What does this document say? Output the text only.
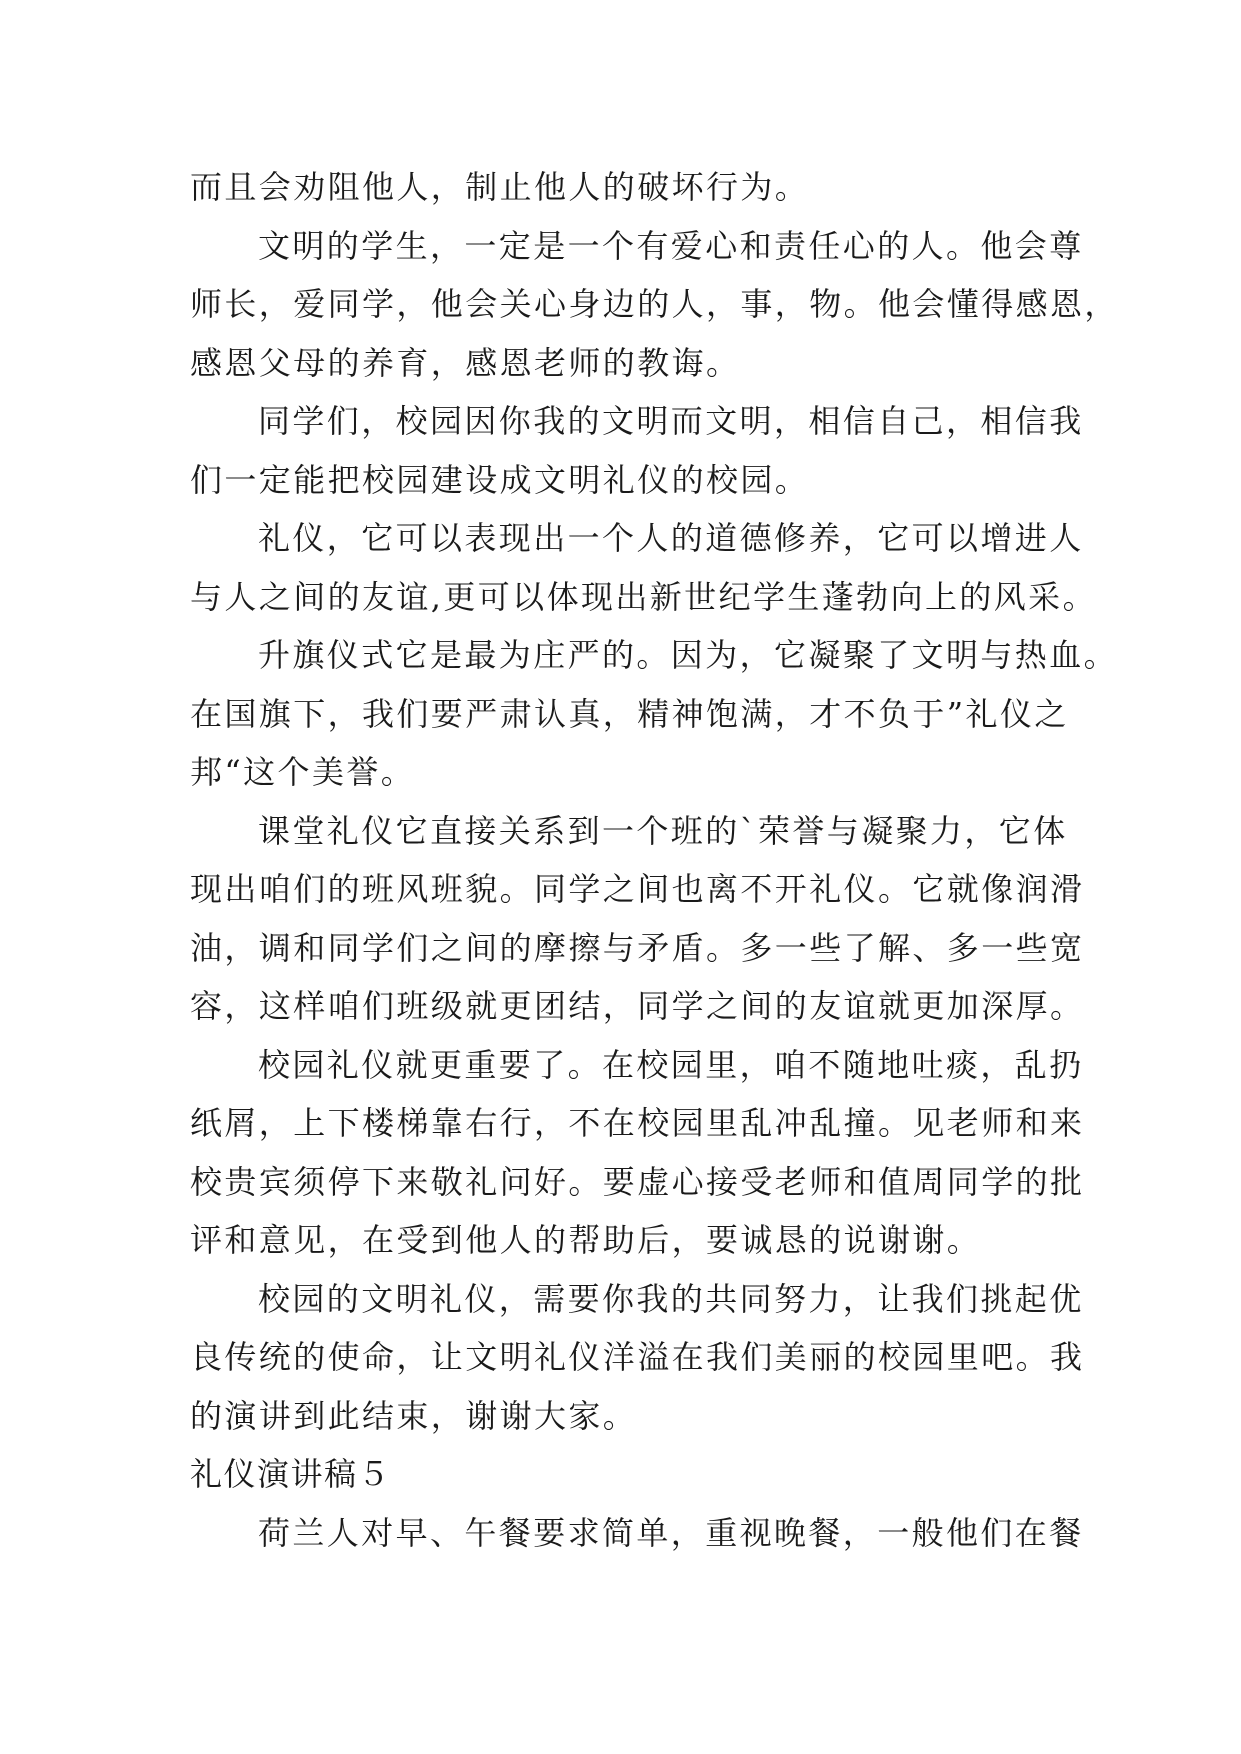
而且会劝阻他人，制止他人的破坏行为。
文明的学生，一定是一个有爱心和责任心的人。他会尊
师长，爱同学，他会关心身边的人，事，物。他会懂得感恩，
感恩父母的养育，感恩老师的教诲。
同学们，校园因你我的文明而文明，相信自己，相信我
们一定能把校园建设成文明礼仪的校园。
礼仪，它可以表现出一个人的道德修养，它可以增进人
与人之间的友谊,更可以体现出新世纪学生蓬勃向上的风采。
升旗仪式它是最为庄严的。因为，它凝聚了文明与热血。
在国旗下，我们要严肃认真，精神饱满，才不负于”礼仪之
邦“这个美誉。
课堂礼仪它直接关系到一个班的`荣誉与凝聚力，它体
现出咱们的班风班貌。同学之间也离不开礼仪。它就像润滑
油，调和同学们之间的摩擦与矛盾。多一些了解、多一些宽
容，这样咱们班级就更团结，同学之间的友谊就更加深厚。
校园礼仪就更重要了。在校园里，咱不随地吐痰，乱扔
纸屑，上下楼梯靠右行，不在校园里乱冲乱撞。见老师和来
校贵宾须停下来敬礼问好。要虚心接受老师和值周同学的批
评和意见，在受到他人的帮助后，要诚恳的说谢谢。
校园的文明礼仪，需要你我的共同努力，让我们挑起优
良传统的使命，让文明礼仪洋溢在我们美丽的校园里吧。我
的演讲到此结束，谢谢大家。
礼仪演讲稿５
荷兰人对早、午餐要求简单，重视晚餐，一般他们在餐
